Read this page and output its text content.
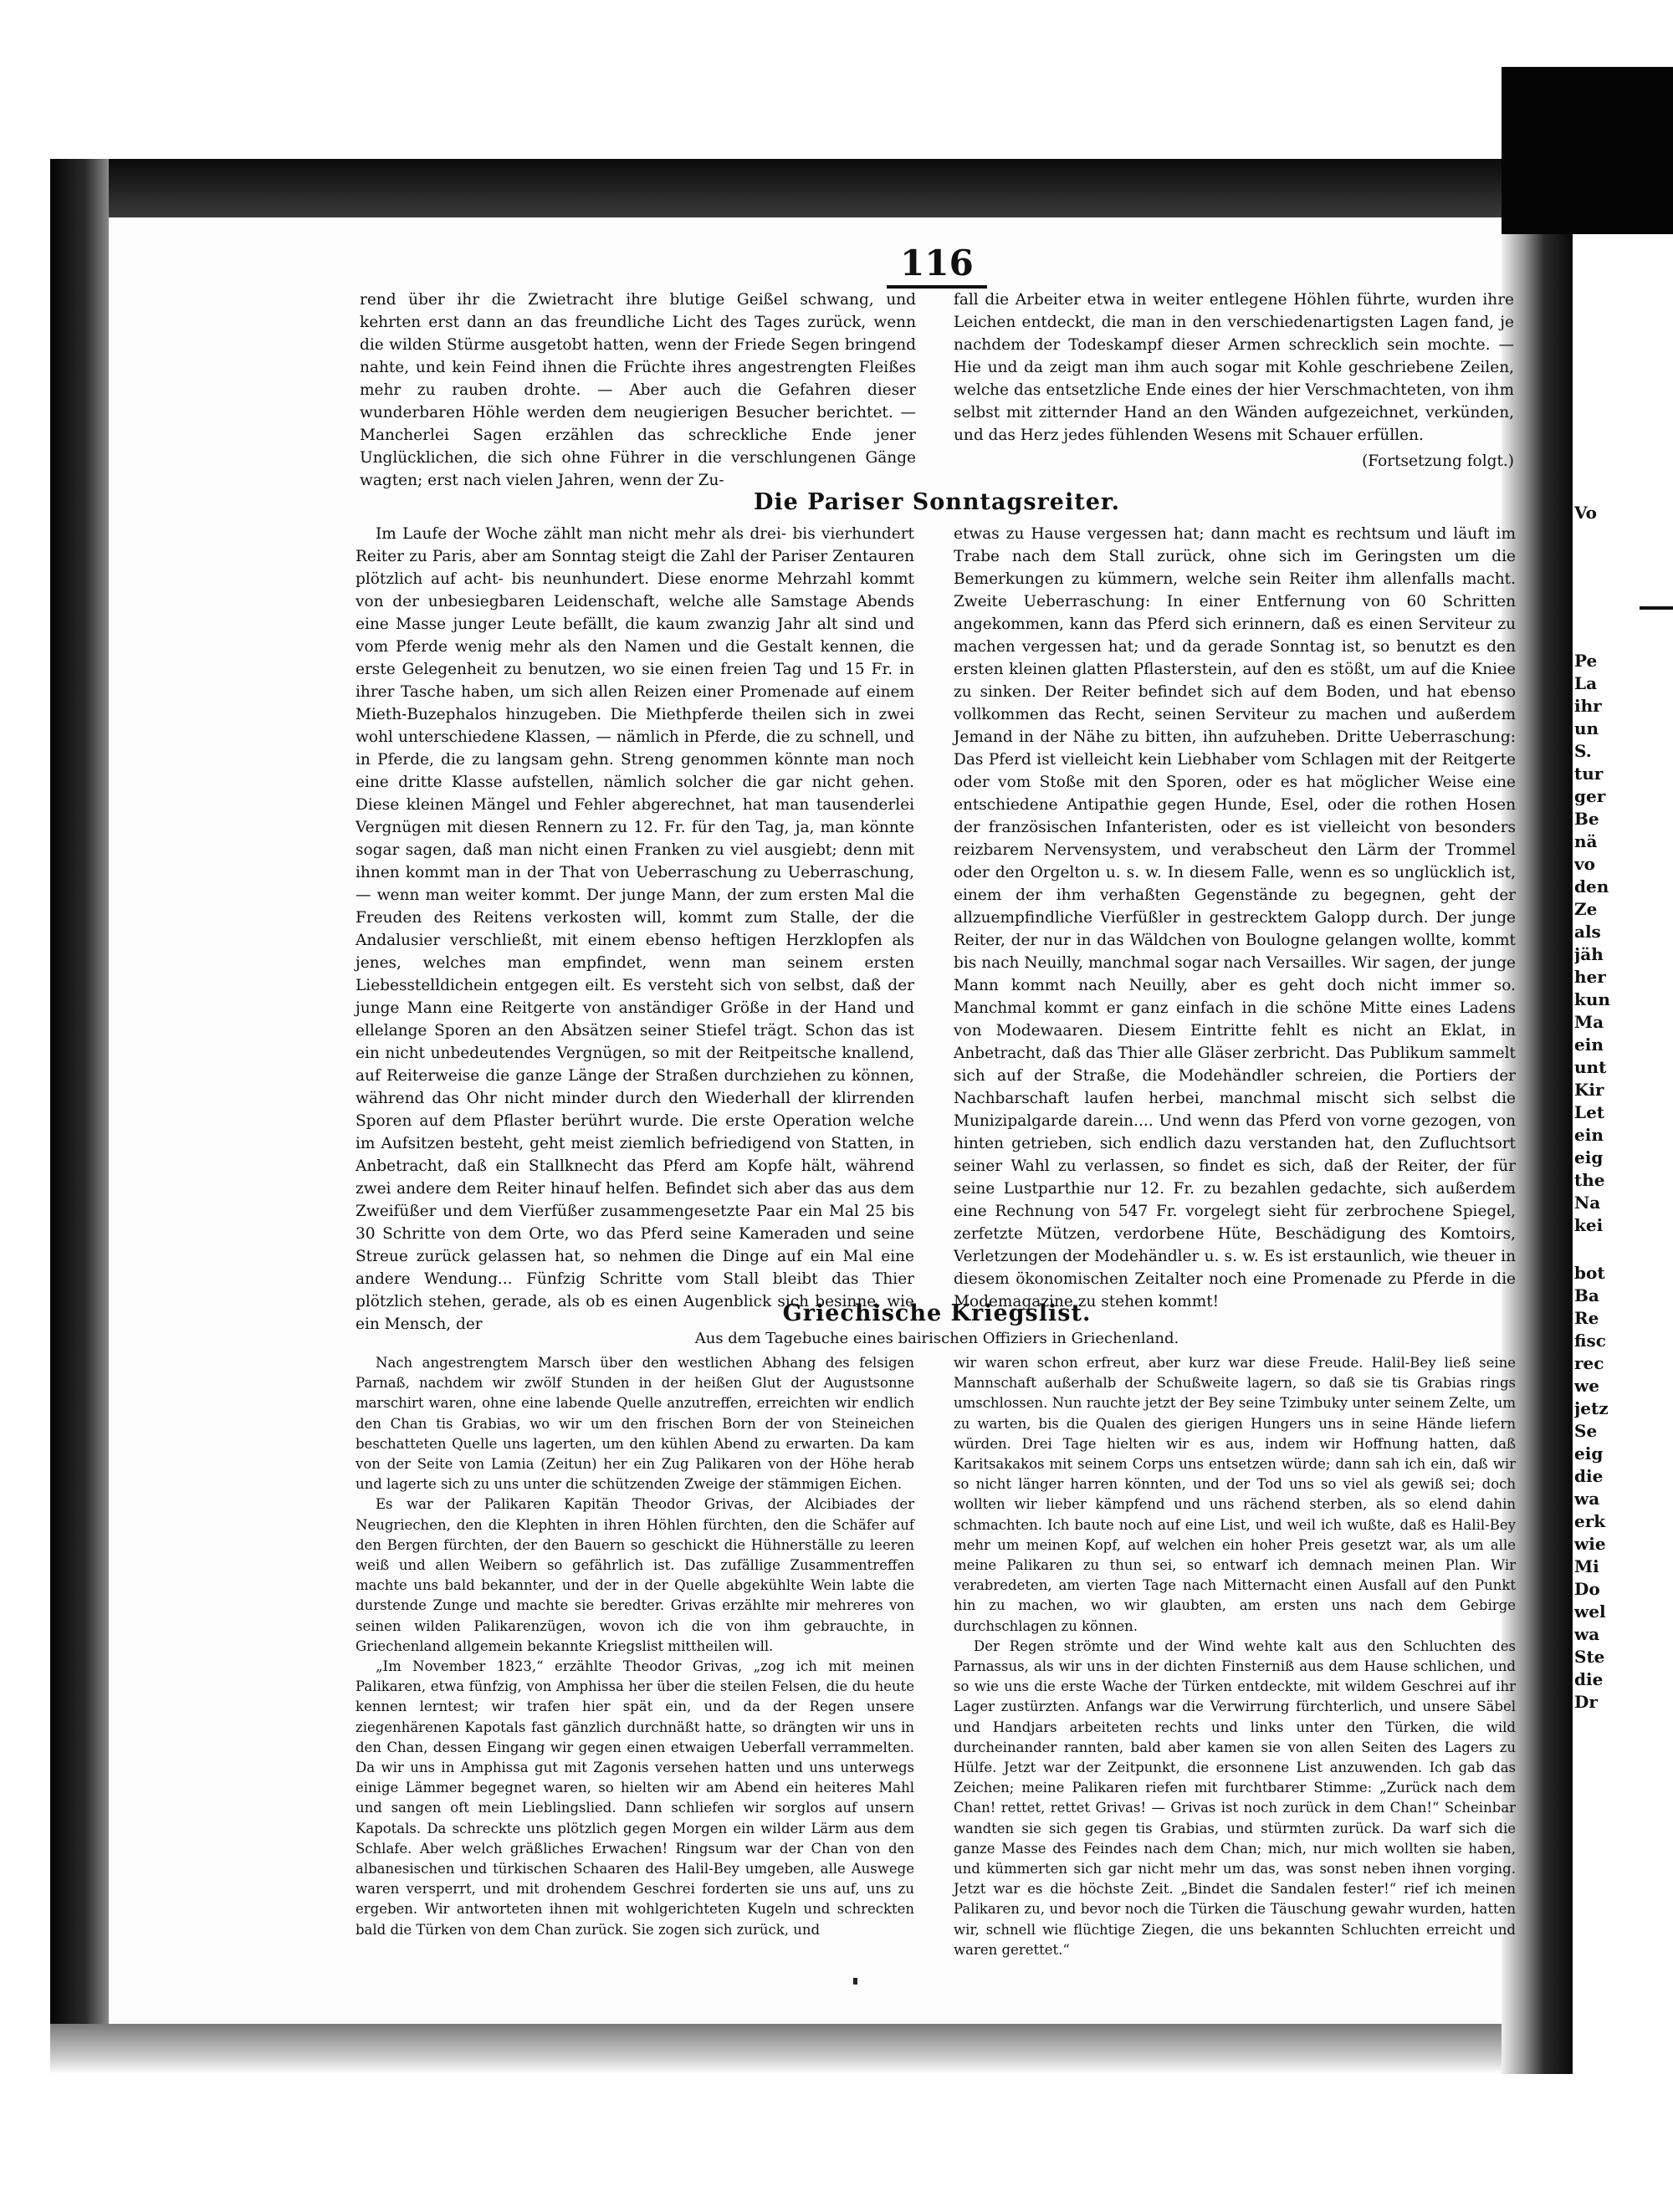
116

rend über ihr die Zwietracht ihre blutige Geißel schwang, und kehrten erst dann an das freundliche Licht des Tages zurück, wenn die wilden Stürme ausgetobt hatten, wenn der Friede Segen bringend nahte, und kein Feind ihnen die Früchte ihres angestrengten Fleißes mehr zu rauben drohte. — Aber auch die Gefahren dieser wunderbaren Höhle werden dem neugierigen Besucher berichtet. — Mancherlei Sagen erzählen das schreckliche Ende jener Unglücklichen, die sich ohne Führer in die verschlungenen Gänge wagten; erst nach vielen Jahren, wenn der Zu-

fall die Arbeiter etwa in weiter entlegene Höhlen führte, wurden ihre Leichen entdeckt, die man in den verschiedenartigsten Lagen fand, je nachdem der Todeskampf dieser Armen schrecklich sein mochte. — Hie und da zeigt man ihm auch sogar mit Kohle geschriebene Zeilen, welche das entsetzliche Ende eines der hier Verschmachteten, von ihm selbst mit zitternder Hand an den Wänden aufgezeichnet, verkünden, und das Herz jedes fühlenden Wesens mit Schauer erfüllen.

(Fortsetzung folgt.)
Die Pariser Sonntagsreiter.

Im Laufe der Woche zählt man nicht mehr als drei- bis vierhundert Reiter zu Paris, aber am Sonntag steigt die Zahl der Pariser Zentauren plötzlich auf acht- bis neunhundert. Diese enorme Mehrzahl kommt von der unbesiegbaren Leidenschaft, welche alle Samstage Abends eine Masse junger Leute befällt, die kaum zwanzig Jahr alt sind und vom Pferde wenig mehr als den Namen und die Gestalt kennen, die erste Gelegenheit zu benutzen, wo sie einen freien Tag und 15 Fr. in ihrer Tasche haben, um sich allen Reizen einer Promenade auf einem Mieth-Buzephalos hinzugeben. Die Miethpferde theilen sich in zwei wohl unterschiedene Klassen, — nämlich in Pferde, die zu schnell, und in Pferde, die zu langsam gehn. Streng genommen könnte man noch eine dritte Klasse aufstellen, nämlich solcher die gar nicht gehen. Diese kleinen Mängel und Fehler abgerechnet, hat man tausenderlei Vergnügen mit diesen Rennern zu 12. Fr. für den Tag, ja, man könnte sogar sagen, daß man nicht einen Franken zu viel ausgiebt; denn mit ihnen kommt man in der That von Ueberraschung zu Ueberraschung, — wenn man weiter kommt. Der junge Mann, der zum ersten Mal die Freuden des Reitens verkosten will, kommt zum Stalle, der die Andalusier verschließt, mit einem ebenso heftigen Herzklopfen als jenes, welches man empfindet, wenn man seinem ersten Liebesstelldichein entgegen eilt. Es versteht sich von selbst, daß der junge Mann eine Reitgerte von anständiger Größe in der Hand und ellelange Sporen an den Absätzen seiner Stiefel trägt. Schon das ist ein nicht unbedeutendes Vergnügen, so mit der Reitpeitsche knallend, auf Reiterweise die ganze Länge der Straßen durchziehen zu können, während das Ohr nicht minder durch den Wiederhall der klirrenden Sporen auf dem Pflaster berührt wurde. Die erste Operation welche im Aufsitzen besteht, geht meist ziemlich befriedigend von Statten, in Anbetracht, daß ein Stallknecht das Pferd am Kopfe hält, während zwei andere dem Reiter hinauf helfen. Befindet sich aber das aus dem Zweifüßer und dem Vierfüßer zusammengesetzte Paar ein Mal 25 bis 30 Schritte von dem Orte, wo das Pferd seine Kameraden und seine Streue zurück gelassen hat, so nehmen die Dinge auf ein Mal eine andere Wendung... Fünfzig Schritte vom Stall bleibt das Thier plötzlich stehen, gerade, als ob es einen Augenblick sich besinne, wie ein Mensch, der

etwas zu Hause vergessen hat; dann macht es rechtsum und läuft im Trabe nach dem Stall zurück, ohne sich im Geringsten um die Bemerkungen zu kümmern, welche sein Reiter ihm allenfalls macht. Zweite Ueberraschung: In einer Entfernung von 60 Schritten angekommen, kann das Pferd sich erinnern, daß es einen Serviteur zu machen vergessen hat; und da gerade Sonntag ist, so benutzt es den ersten kleinen glatten Pflasterstein, auf den es stößt, um auf die Kniee zu sinken. Der Reiter befindet sich auf dem Boden, und hat ebenso vollkommen das Recht, seinen Serviteur zu machen und außerdem Jemand in der Nähe zu bitten, ihn aufzuheben. Dritte Ueberraschung: Das Pferd ist vielleicht kein Liebhaber vom Schlagen mit der Reitgerte oder vom Stoße mit den Sporen, oder es hat möglicher Weise eine entschiedene Antipathie gegen Hunde, Esel, oder die rothen Hosen der französischen Infanteristen, oder es ist vielleicht von besonders reizbarem Nervensystem, und verabscheut den Lärm der Trommel oder den Orgelton u. s. w. In diesem Falle, wenn es so unglücklich ist, einem der ihm verhaßten Gegenstände zu begegnen, geht der allzuempfindliche Vierfüßler in gestrecktem Galopp durch. Der junge Reiter, der nur in das Wäldchen von Boulogne gelangen wollte, kommt bis nach Neuilly, manchmal sogar nach Versailles. Wir sagen, der junge Mann kommt nach Neuilly, aber es geht doch nicht immer so. Manchmal kommt er ganz einfach in die schöne Mitte eines Ladens von Modewaaren. Diesem Eintritte fehlt es nicht an Eklat, in Anbetracht, daß das Thier alle Gläser zerbricht. Das Publikum sammelt sich auf der Straße, die Modehändler schreien, die Portiers der Nachbarschaft laufen herbei, manchmal mischt sich selbst die Munizipalgarde darein.... Und wenn das Pferd von vorne gezogen, von hinten getrieben, sich endlich dazu verstanden hat, den Zufluchtsort seiner Wahl zu verlassen, so findet es sich, daß der Reiter, der für seine Lustparthie nur 12. Fr. zu bezahlen gedachte, sich außerdem eine Rechnung von 547 Fr. vorgelegt sieht für zerbrochene Spiegel, zerfetzte Mützen, verdorbene Hüte, Beschädigung des Komtoirs, Verletzungen der Modehändler u. s. w. Es ist erstaunlich, wie theuer in diesem ökonomischen Zeitalter noch eine Promenade zu Pferde in die Modemagazine zu stehen kommt!

Griechische Kriegslist.
Aus dem Tagebuche eines bairischen Offiziers in Griechenland.

Nach angestrengtem Marsch über den westlichen Abhang des felsigen Parnaß, nachdem wir zwölf Stunden in der heißen Glut der Augustsonne marschirt waren, ohne eine labende Quelle anzutreffen, erreichten wir endlich den Chan tis Grabias, wo wir um den frischen Born der von Steineichen beschatteten Quelle uns lagerten, um den kühlen Abend zu erwarten. Da kam von der Seite von Lamia (Zeitun) her ein Zug Palikaren von der Höhe herab und lagerte sich zu uns unter die schützenden Zweige der stämmigen Eichen.

Es war der Palikaren Kapitän Theodor Grivas, der Alcibiades der Neugriechen, den die Klephten in ihren Höhlen fürchten, den die Schäfer auf den Bergen fürchten, der den Bauern so geschickt die Hühnerställe zu leeren weiß und allen Weibern so gefährlich ist. Das zufällige Zusammentreffen machte uns bald bekannter, und der in der Quelle abgekühlte Wein labte die durstende Zunge und machte sie beredter. Grivas erzählte mir mehreres von seinen wilden Palikarenzügen, wovon ich die von ihm gebrauchte, in Griechenland allgemein bekannte Kriegslist mittheilen will.

„Im November 1823,“ erzählte Theodor Grivas, „zog ich mit meinen Palikaren, etwa fünfzig, von Amphissa her über die steilen Felsen, die du heute kennen lerntest; wir trafen hier spät ein, und da der Regen unsere ziegenhärenen Kapotals fast gänzlich durchnäßt hatte, so drängten wir uns in den Chan, dessen Eingang wir gegen einen etwaigen Ueberfall verrammelten. Da wir uns in Amphissa gut mit Zagonis versehen hatten und uns unterwegs einige Lämmer begegnet waren, so hielten wir am Abend ein heiteres Mahl und sangen oft mein Lieblingslied. Dann schliefen wir sorglos auf unsern Kapotals. Da schreckte uns plötzlich gegen Morgen ein wilder Lärm aus dem Schlafe. Aber welch gräßliches Erwachen! Ringsum war der Chan von den albanesischen und türkischen Schaaren des Halil-Bey umgeben, alle Auswege waren versperrt, und mit drohendem Geschrei forderten sie uns auf, uns zu ergeben. Wir antworteten ihnen mit wohlgerichteten Kugeln und schreckten bald die Türken von dem Chan zurück. Sie zogen sich zurück, und

wir waren schon erfreut, aber kurz war diese Freude. Halil-Bey ließ seine Mannschaft außerhalb der Schußweite lagern, so daß sie tis Grabias rings umschlossen. Nun rauchte jetzt der Bey seine Tzimbuky unter seinem Zelte, um zu warten, bis die Qualen des gierigen Hungers uns in seine Hände liefern würden. Drei Tage hielten wir es aus, indem wir Hoffnung hatten, daß Karitsakakos mit seinem Corps uns entsetzen würde; dann sah ich ein, daß wir so nicht länger harren könnten, und der Tod uns so viel als gewiß sei; doch wollten wir lieber kämpfend und uns rächend sterben, als so elend dahin schmachten. Ich baute noch auf eine List, und weil ich wußte, daß es Halil-Bey mehr um meinen Kopf, auf welchen ein hoher Preis gesetzt war, als um alle meine Palikaren zu thun sei, so entwarf ich demnach meinen Plan. Wir verabredeten, am vierten Tage nach Mitternacht einen Ausfall auf den Punkt hin zu machen, wo wir glaubten, am ersten uns nach dem Gebirge durchschlagen zu können.

Der Regen strömte und der Wind wehte kalt aus den Schluchten des Parnassus, als wir uns in der dichten Finsterniß aus dem Hause schlichen, und so wie uns die erste Wache der Türken entdeckte, mit wildem Geschrei auf ihr Lager zustürzten. Anfangs war die Verwirrung fürchterlich, und unsere Säbel und Handjars arbeiteten rechts und links unter den Türken, die wild durcheinander rannten, bald aber kamen sie von allen Seiten des Lagers zu Hülfe. Jetzt war der Zeitpunkt, die ersonnene List anzuwenden. Ich gab das Zeichen; meine Palikaren riefen mit furchtbarer Stimme: „Zurück nach dem Chan! rettet, rettet Grivas! — Grivas ist noch zurück in dem Chan!“ Scheinbar wandten sie sich gegen tis Grabias, und stürmten zurück. Da warf sich die ganze Masse des Feindes nach dem Chan; mich, nur mich wollten sie haben, und kümmerten sich gar nicht mehr um das, was sonst neben ihnen vorging. Jetzt war es die höchste Zeit. „Bindet die Sandalen fester!“ rief ich meinen Palikaren zu, und bevor noch die Türken die Täuschung gewahr wurden, hatten wir, schnell wie flüchtige Ziegen, die uns bekannten Schluchten erreicht und waren gerettet.“

Vo
Pe
La
ihr
un
S.
tur
ger
Be
nä
vo
den
Ze
als
jäh
her
kun
Ma
ein
unt
Kir
Let
ein
eig
the
Na
kei
bot
Ba
Re
fisc
rec
we
jetz
Se
eig
die
wa
erk
wie
Mi
Do
wel
wa
Ste
die
Dr
